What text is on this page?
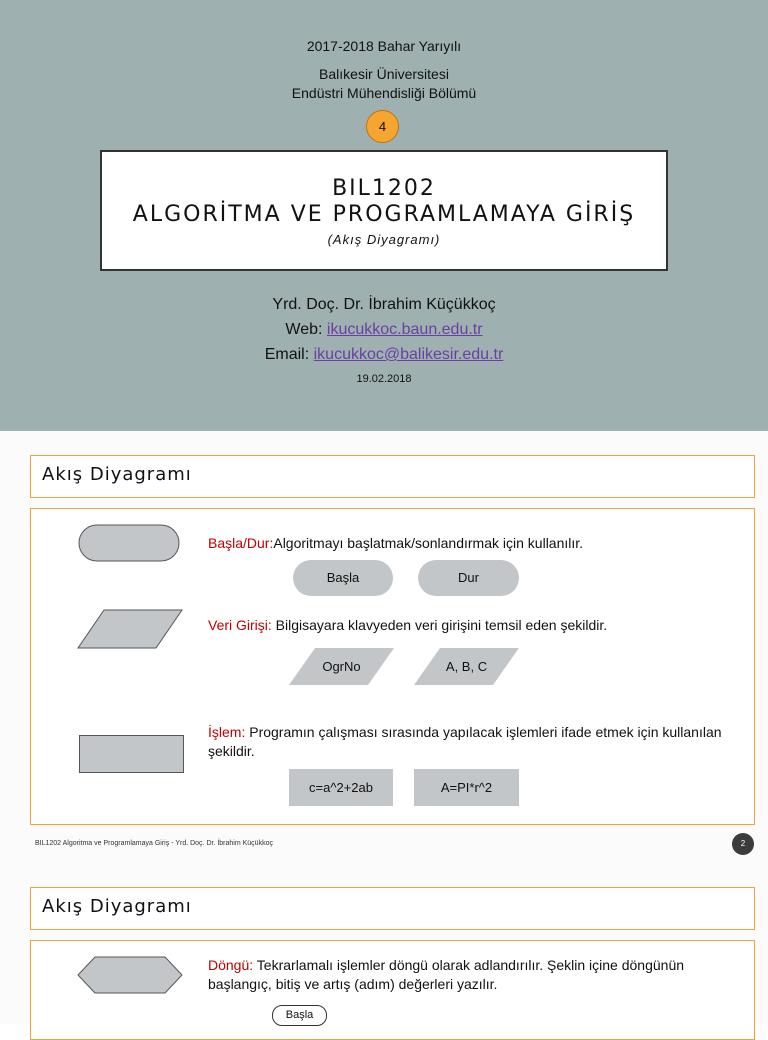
2017-2018 Bahar Yarıyılı
Balıkesir Üniversitesi
Endüstri Mühendisliği Bölümü
4
BIL1202
ALGORİTMA VE PROGRAMLAMAYA GİRİŞ
(Akış Diyagramı)
Yrd. Doç. Dr. İbrahim Küçükkoç
Web: ikucukkoc.baun.edu.tr
Email: ikucukkoc@balikesir.edu.tr
19.02.2018
Akış Diyagramı
Başla/Dur:Algoritmayı başlatmak/sonlandırmak için kullanılır.
Başla	Dur
Veri Girişi: Bilgisayara klavyeden veri girişini temsil eden şekildir.
OgrNo	A, B, C
İşlem: Programın çalışması sırasında yapılacak işlemleri ifade etmek için kullanılan şekildir.
c=a^2+2ab	A=PI*r^2
BIL1202 Algoritma ve Programlamaya Giriş - Yrd. Doç. Dr. İbrahim Küçükkoç	2
Akış Diyagramı
Döngü: Tekrarlamalı işlemler döngü olarak adlandırılır. Şeklin içine döngünün başlangıç, bitiş ve artış (adım) değerleri yazılır.
Başla
